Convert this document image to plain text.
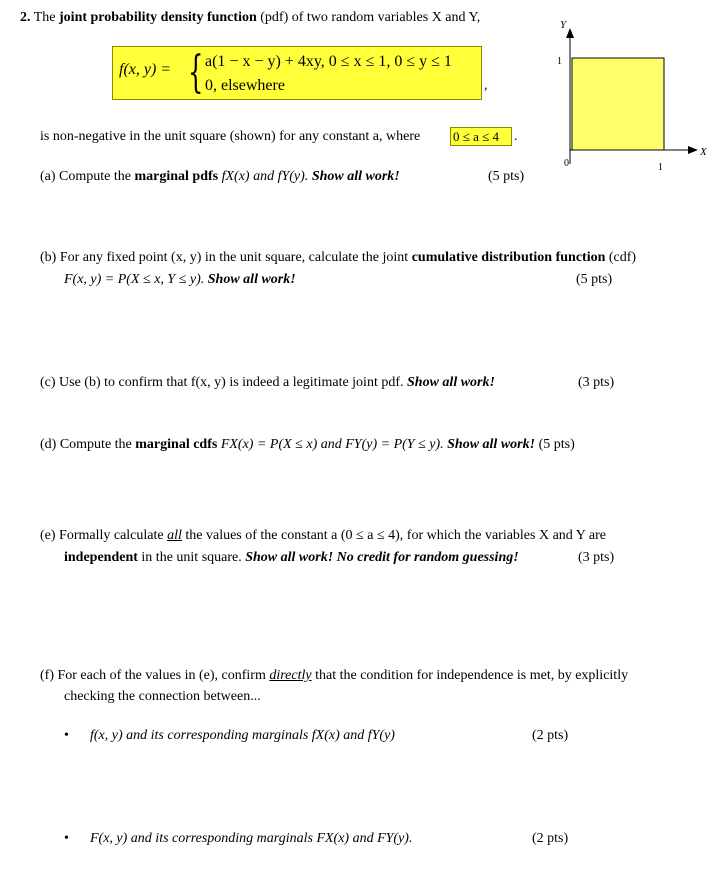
2. The joint probability density function (pdf) of two random variables X and Y,
f(x, y) = { a(1 − x − y) + 4xy, 0 ≤ x ≤ 1, 0 ≤ y ≤ 1
0, elsewhere	,
is non-negative in the unit square (shown) for any constant a, where	0 ≤ a ≤ 4	.
Y
X
1
1
0
(a) Compute the marginal pdfs fX(x) and fY(y). Show all work!	(5 pts)
(b) For any fixed point (x, y) in the unit square, calculate the joint cumulative distribution function (cdf)
F(x, y) = P(X ≤ x, Y ≤ y). Show all work!	(5 pts)
(c) Use (b) to confirm that f(x, y) is indeed a legitimate joint pdf. Show all work!	(3 pts)
(d) Compute the marginal cdfs FX(x) = P(X ≤ x) and FY(y) = P(Y ≤ y). Show all work! (5 pts)
(e) Formally calculate all the values of the constant a (0 ≤ a ≤ 4), for which the variables X and Y are
independent in the unit square. Show all work! No credit for random guessing!	(3 pts)
(f) For each of the values in (e), confirm directly that the condition for independence is met, by explicitly
checking the connection between...
• f(x, y) and its corresponding marginals fX(x) and fY(y)	(2 pts)
• F(x, y) and its corresponding marginals FX(x) and FY(y).	(2 pts)
